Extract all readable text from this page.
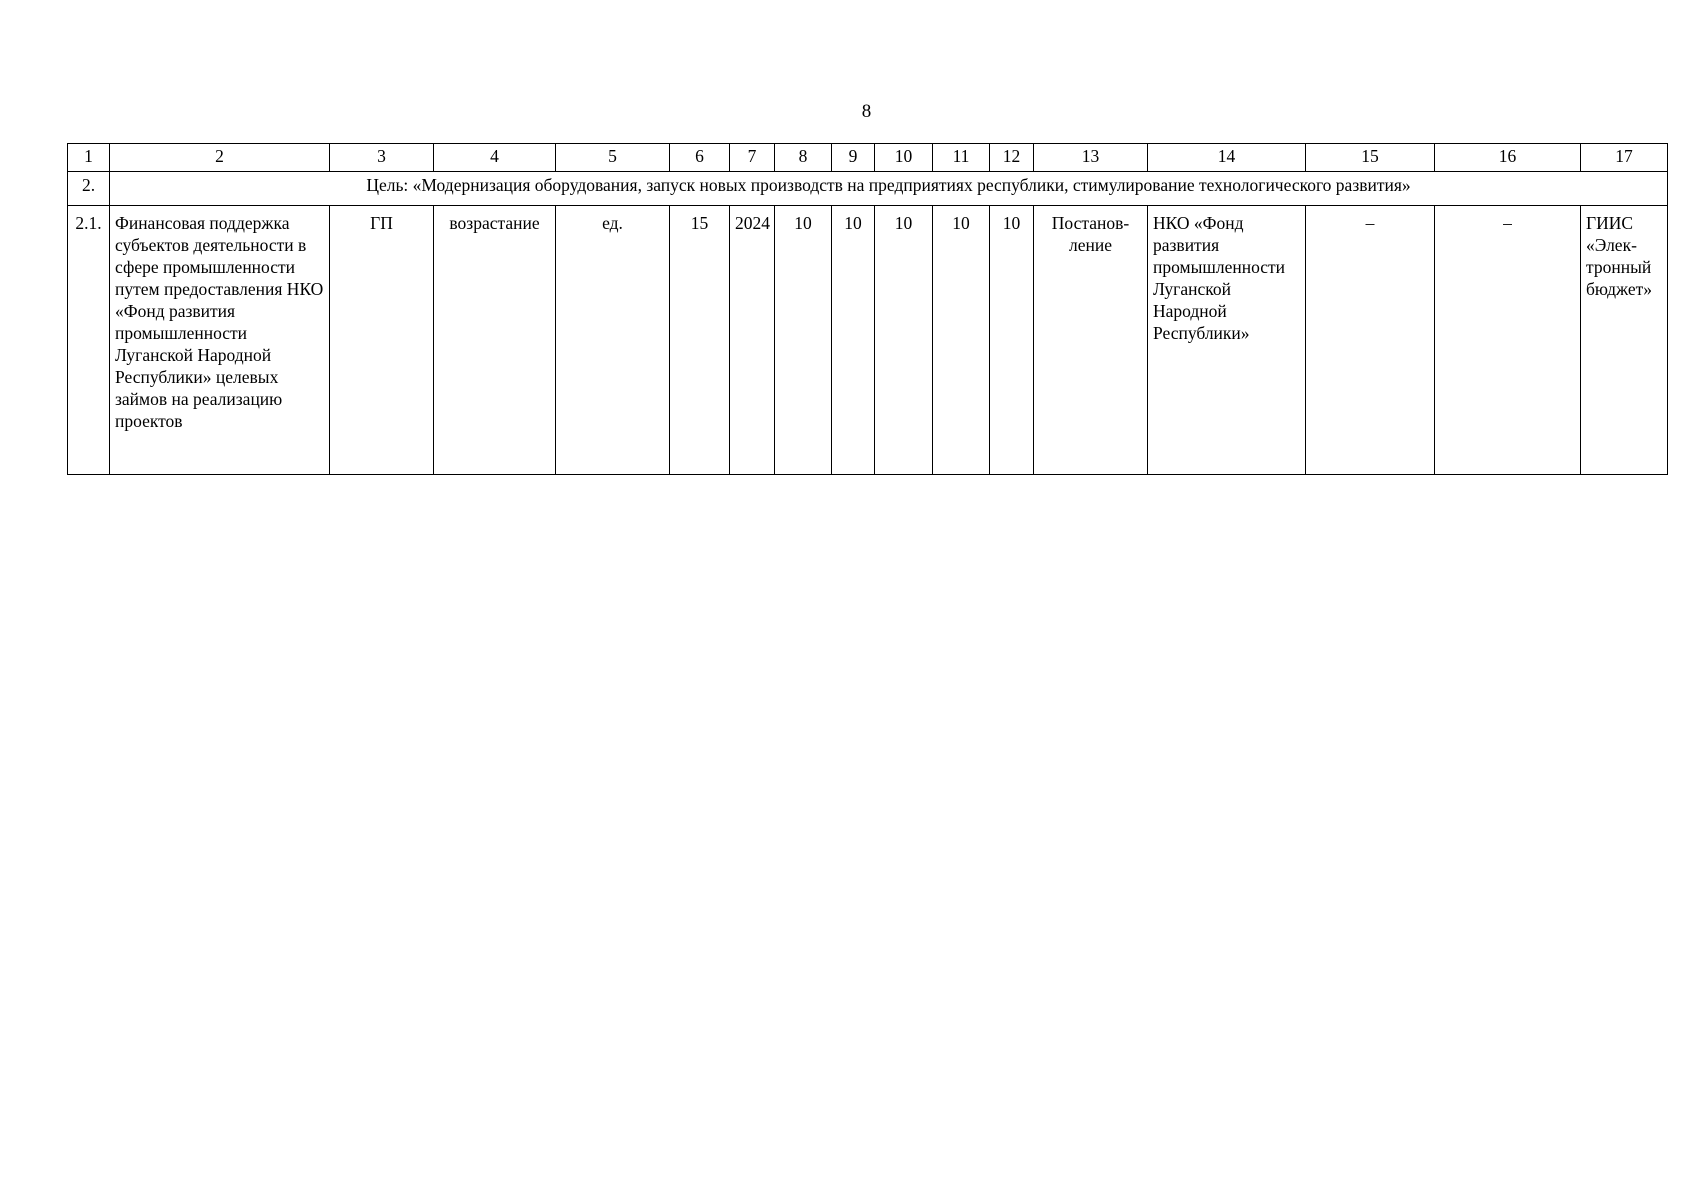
8
1	2	3	4	5	6	7	8	9	10	11	12	13	14	15	16	17
2.	Цель: «Модернизация оборудования, запуск новых производств на предприятиях республики, стимулирование технологического развития»															
2.1.	Финансовая поддержка субъектов деятельности в сфере промышленности путем предоставления НКО «Фонд развития промышленности Луганской Народной Республики» целевых займов на реализацию проектов	ГП	возрастание	ед.	15	2024	10	10	10	10	10	Постанов-ление	НКО «Фонд развития промышленности Луганской Народной Республики»	–	–	ГИИС «Элек-тронный бюджет»
